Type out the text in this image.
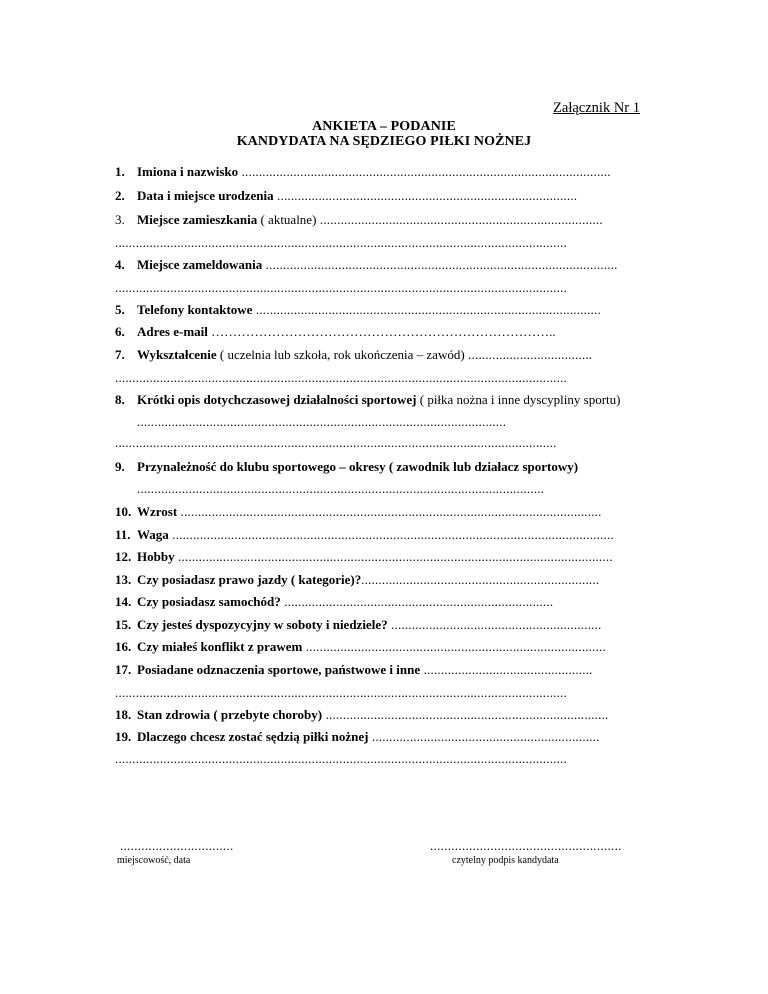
Załącznik Nr 1
ANKIETA – PODANIE
KANDYDATA NA SĘDZIEGO PIŁKI NOŻNEJ
1. Imiona i nazwisko ...........................................................................................................
2. Data i miejsce urodzenia .......................................................................................
3. Miejsce zamieszkania ( aktualne) ..................................................................................
...................................................................................................................................
4. Miejsce zameldowania ......................................................................................................
...................................................................................................................................
5. Telefony kontaktowe ....................................................................................................
6. Adres e-mail ……………………………………………………………………..
7. Wykształcenie ( uczelnia lub szkoła, rok ukończenia – zawód) ....................................
...................................................................................................................................
8. Krótki opis dotychczasowej działalności sportowej ( piłka nożna i inne dyscypliny sportu)
...........................................................................................................
................................................................................................................................
9. Przynależność do klubu sportowego – okresy ( zawodnik lub działacz sportowy)
......................................................................................................................
10. Wzrost ..........................................................................................................................
11. Waga ................................................................................................................................
12. Hobby ..............................................................................................................................
13. Czy posiadasz prawo jazdy ( kategorie)?.....................................................................
14. Czy posiadasz samochód? ..............................................................................
15. Czy jesteś dyspozycyjny w soboty i niedziele? .............................................................
16. Czy miałeś konflikt z prawem .......................................................................................
17. Posiadane odznaczenia sportowe, państwowe i inne .................................................
...................................................................................................................................
18. Stan zdrowia ( przebyte choroby) ..................................................................................
19. Dlaczego chcesz zostać sędzią piłki nożnej ..................................................................
...................................................................................................................................
................................
miejscowość, data
......................................................
czytelny podpis kandydata
